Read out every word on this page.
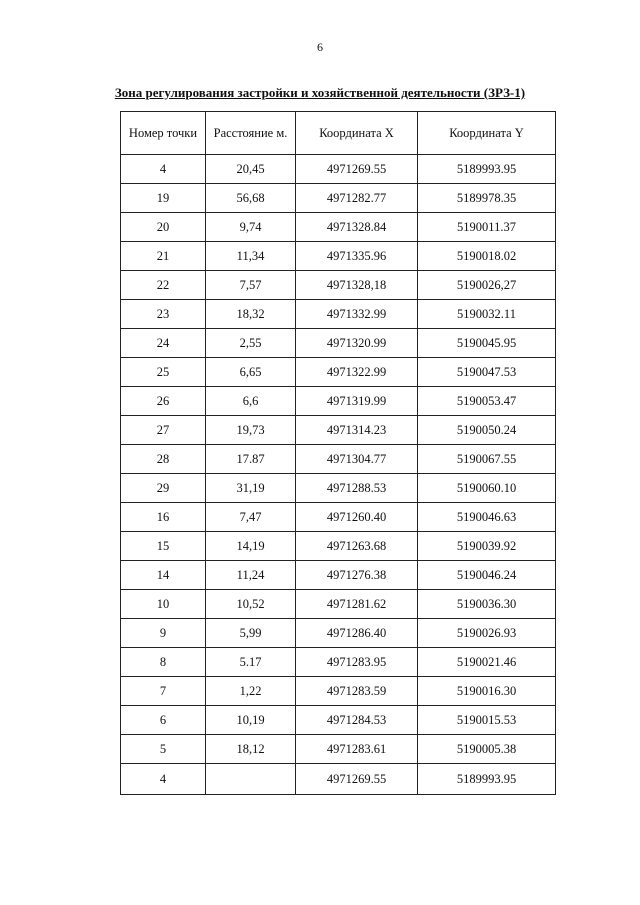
6
Зона регулирования застройки и хозяйственной деятельности (ЗРЗ-1)
Номер точки	Расстояние м.	Координата X	Координата Y
4	20,45	4971269.55	5189993.95
19	56,68	4971282.77	5189978.35
20	9,74	4971328.84	5190011.37
21	11,34	4971335.96	5190018.02
22	7,57	4971328,18	5190026,27
23	18,32	4971332.99	5190032.11
24	2,55	4971320.99	5190045.95
25	6,65	4971322.99	5190047.53
26	6,6	4971319.99	5190053.47
27	19,73	4971314.23	5190050.24
28	17.87	4971304.77	5190067.55
29	31,19	4971288.53	5190060.10
16	7,47	4971260.40	5190046.63
15	14,19	4971263.68	5190039.92
14	11,24	4971276.38	5190046.24
10	10,52	4971281.62	5190036.30
9	5,99	4971286.40	5190026.93
8	5.17	4971283.95	5190021.46
7	1,22	4971283.59	5190016.30
6	10,19	4971284.53	5190015.53
5	18,12	4971283.61	5190005.38
4		4971269.55	5189993.95
